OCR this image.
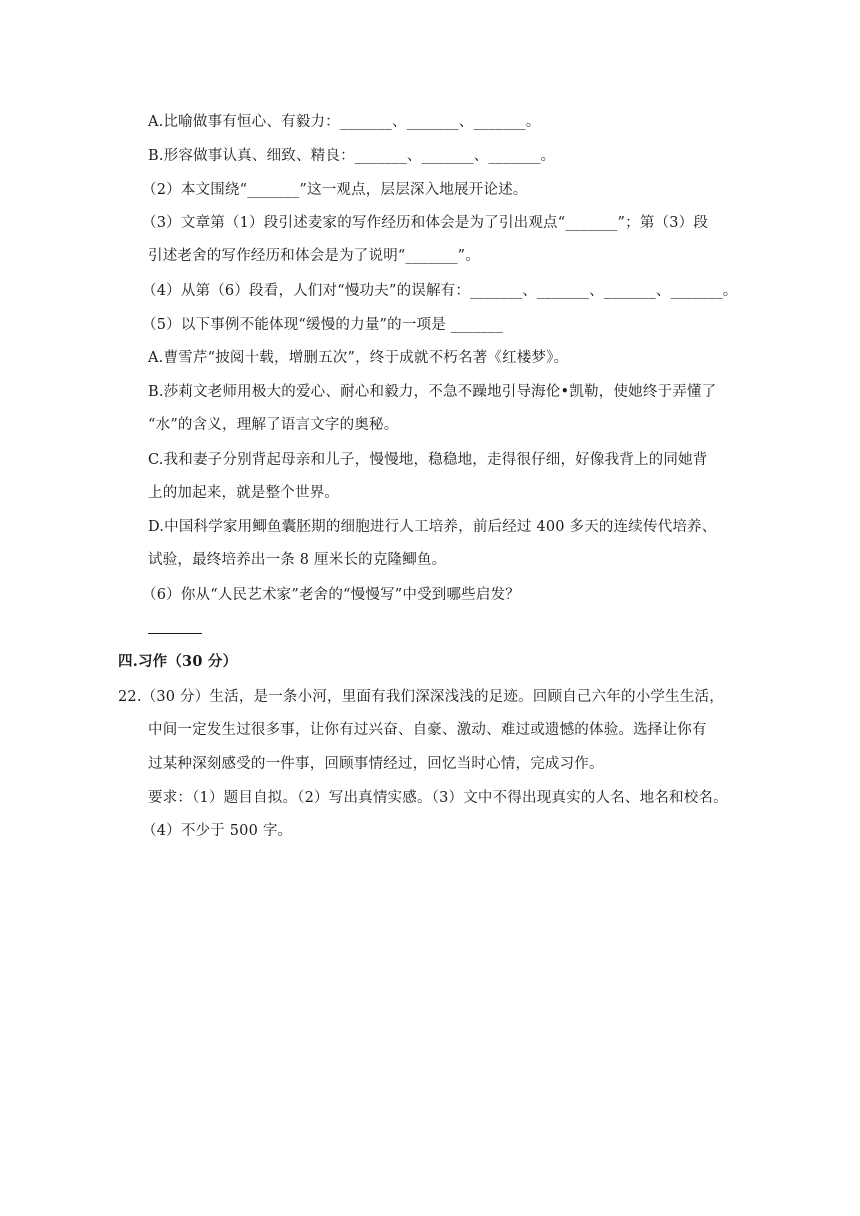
A.比喻做事有恒心、有毅力：_______、_______、_______。
B.形容做事认真、细致、精良：_______、_______、_______。
（2）本文围绕“_______”这一观点，层层深入地展开论述。
（3）文章第（1）段引述麦家的写作经历和体会是为了引出观点“_______”；第（3）段
引述老舍的写作经历和体会是为了说明“_______”。
（4）从第（6）段看，人们对“慢功夫”的误解有：_______、_______、_______、_______。
（5）以下事例不能体现“缓慢的力量”的一项是 _______
A.曹雪芹“披阅十载，增删五次”，终于成就不朽名著《红楼梦》。
B.莎莉文老师用极大的爱心、耐心和毅力，不急不躁地引导海伦•凯勒，使她终于弄懂了
“水”的含义，理解了语言文字的奥秘。
C.我和妻子分别背起母亲和儿子，慢慢地，稳稳地，走得很仔细，好像我背上的同她背
上的加起来，就是整个世界。
D.中国科学家用鲫鱼囊胚期的细胞进行人工培养，前后经过 400 多天的连续传代培养、
试验，最终培养出一条 8 厘米长的克隆鲫鱼。
（6）你从“人民艺术家”老舍的“慢慢写”中受到哪些启发？
四.习作（30 分）
22.（30 分）生活，是一条小河，里面有我们深深浅浅的足迹。回顾自己六年的小学生生活，
中间一定发生过很多事，让你有过兴奋、自豪、激动、难过或遗憾的体验。选择让你有
过某种深刻感受的一件事，回顾事情经过，回忆当时心情，完成习作。
要求：（1）题目自拟。（2）写出真情实感。（3）文中不得出现真实的人名、地名和校名。
（4）不少于 500 字。
